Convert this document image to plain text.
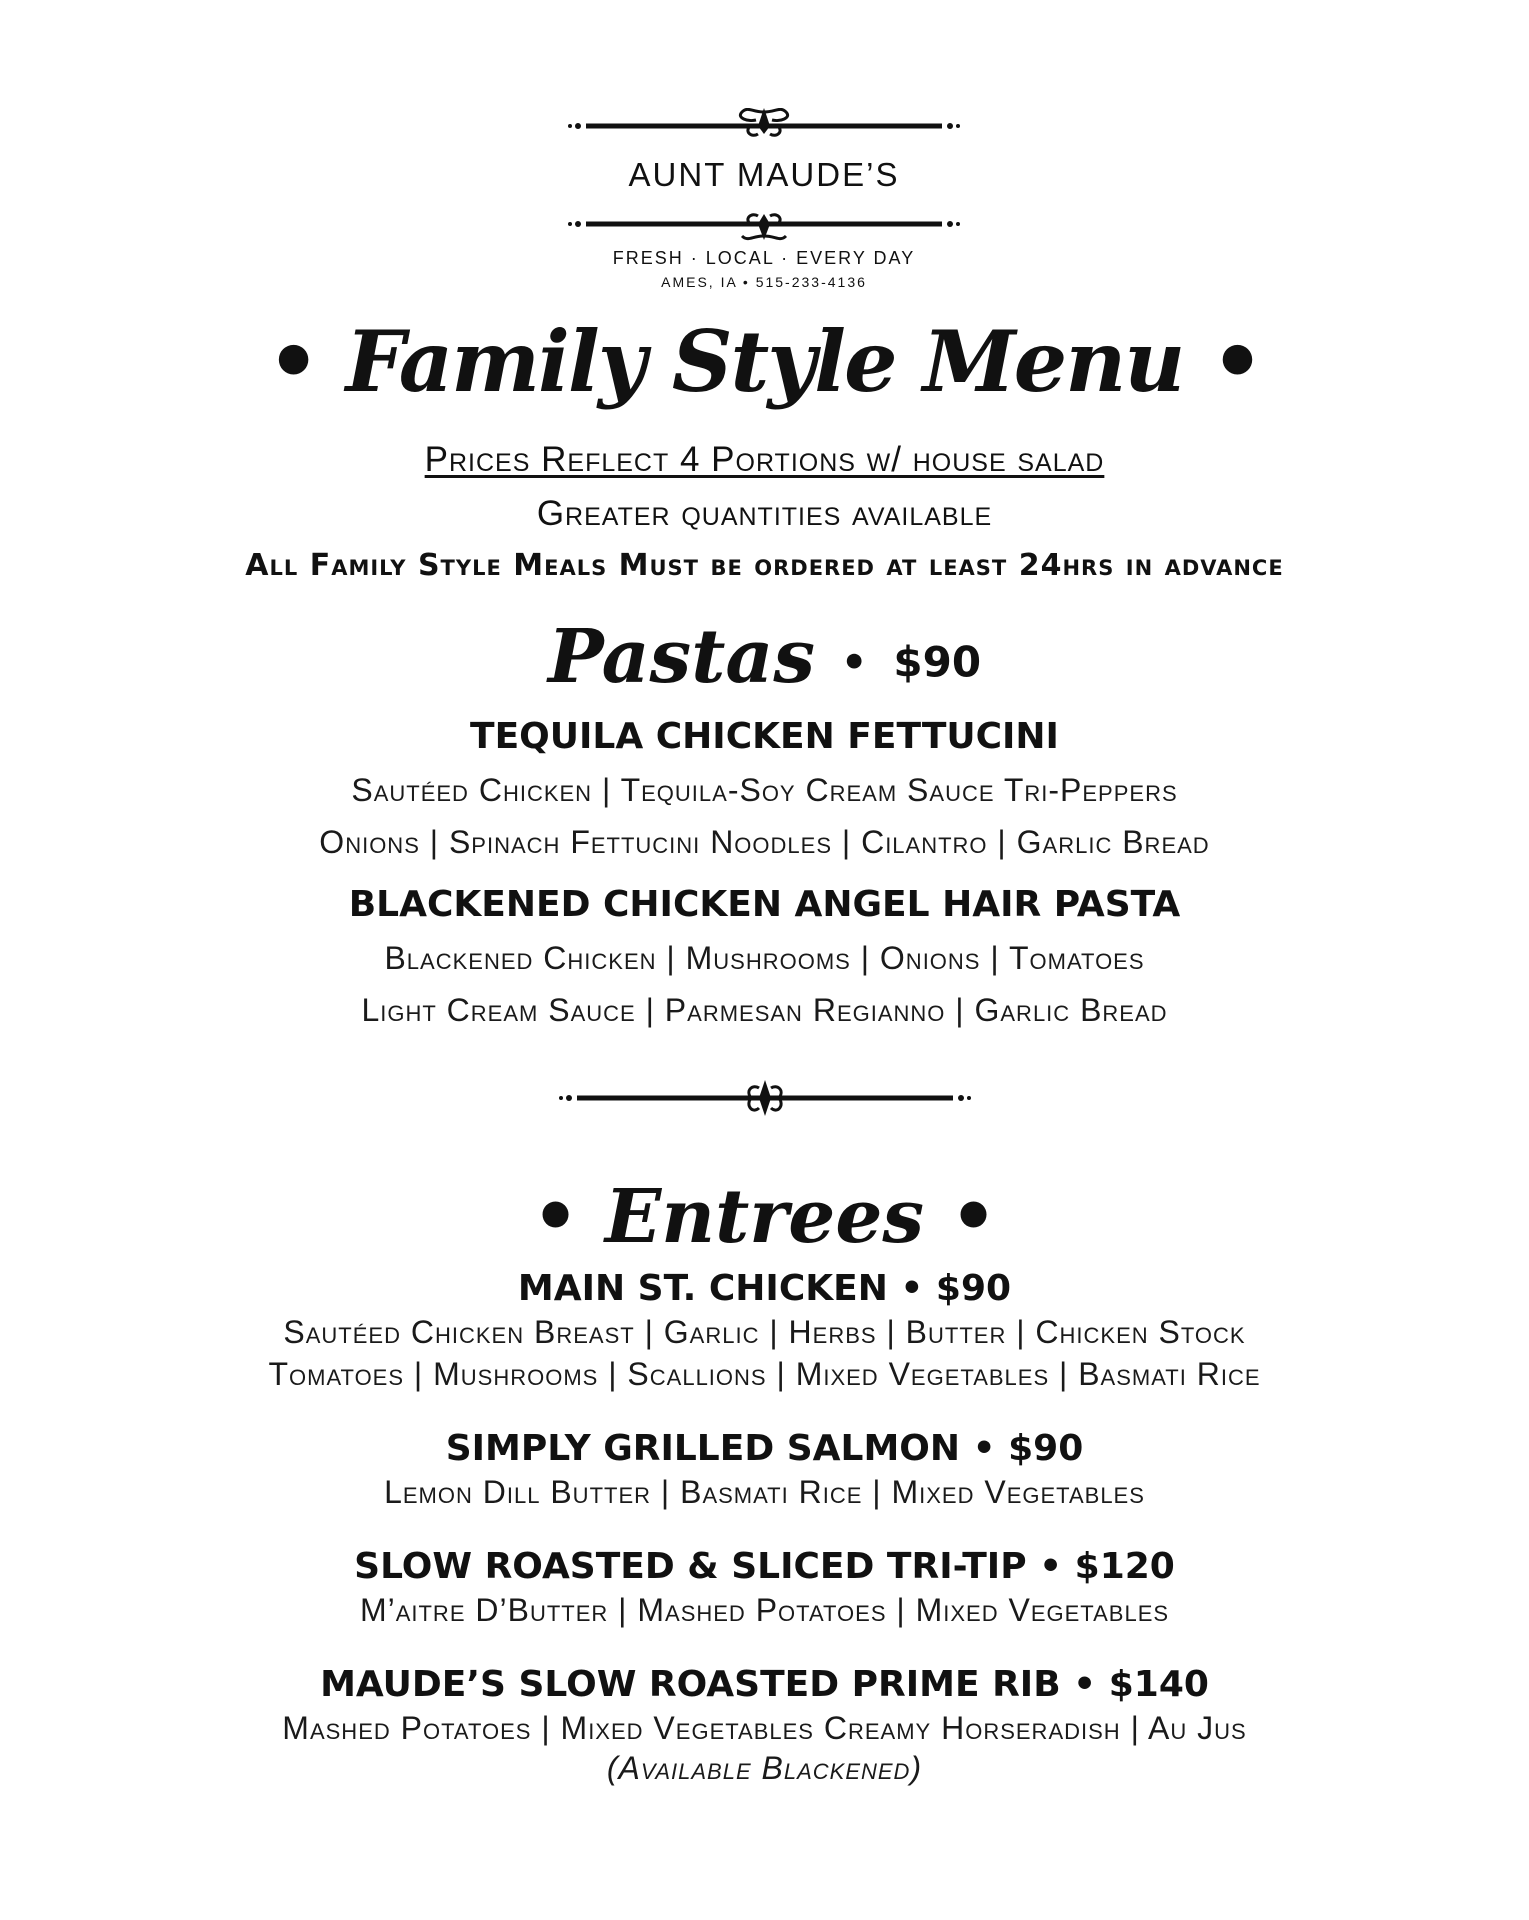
AUNT MAUDE’S
FRESH · LOCAL · EVERY DAY
AMES, IA • 515-233-4136
• Family Style Menu •
Prices Reflect 4 Portions w/ house salad
Greater quantities available
All Family Style Meals Must be ordered at least 24hrs in advance
Pastas • $90
TEQUILA CHICKEN FETTUCINI
Sautéed Chicken | Tequila-Soy Cream Sauce Tri-Peppers
Onions | Spinach Fettucini Noodles | Cilantro | Garlic Bread
BLACKENED CHICKEN ANGEL HAIR PASTA
Blackened Chicken | Mushrooms | Onions | Tomatoes
Light Cream Sauce | Parmesan Regianno | Garlic Bread
• Entrees •
MAIN ST. CHICKEN • $90
Sautéed Chicken Breast | Garlic | Herbs | Butter | Chicken Stock
Tomatoes | Mushrooms | Scallions | Mixed Vegetables | Basmati Rice
SIMPLY GRILLED SALMON • $90
Lemon Dill Butter | Basmati Rice | Mixed Vegetables
SLOW ROASTED & SLICED TRI-TIP • $120
M’aitre D’Butter | Mashed Potatoes | Mixed Vegetables
MAUDE’S SLOW ROASTED PRIME RIB • $140
Mashed Potatoes | Mixed Vegetables Creamy Horseradish | Au Jus
(Available Blackened)
